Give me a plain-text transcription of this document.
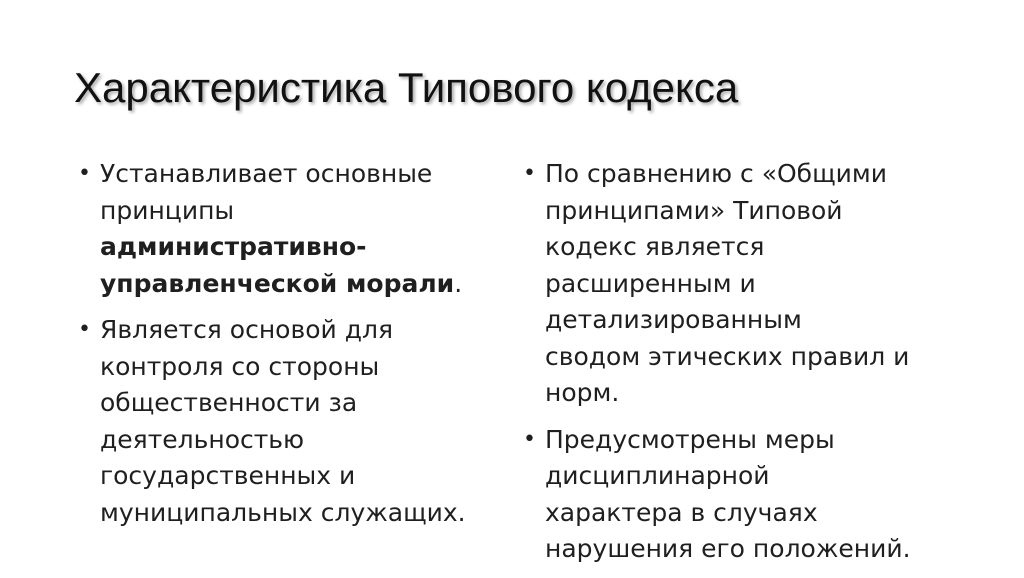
Характеристика Типового кодекса
• Устанавливает основные
принципы
административно-
управленческой морали.
• Является основой для
контроля со стороны
общественности за
деятельностью
государственных и
муниципальных служащих.
• По сравнению с «Общими
принципами» Типовой
кодекс является
расширенным и
детализированным
сводом этических правил и
норм.
• Предусмотрены меры
дисциплинарной
характера в случаях
нарушения его положений.
